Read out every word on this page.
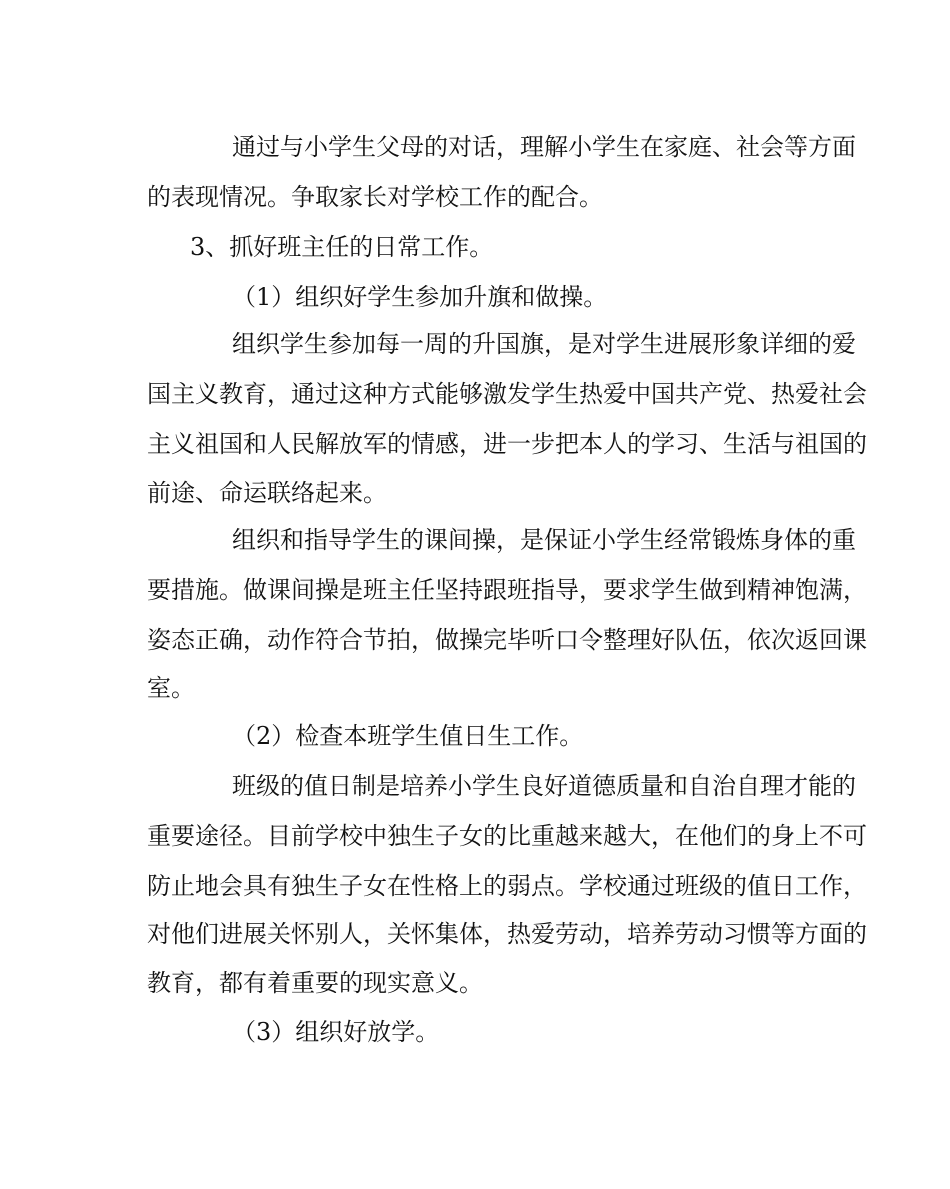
通过与小学生父母的对话，理解小学生在家庭、社会等方面
的表现情况。争取家长对学校工作的配合。
3、抓好班主任的日常工作。
（1）组织好学生参加升旗和做操。
组织学生参加每一周的升国旗，是对学生进展形象详细的爱
国主义教育，通过这种方式能够激发学生热爱中国共产党、热爱社会
主义祖国和人民解放军的情感，进一步把本人的学习、生活与祖国的
前途、命运联络起来。
组织和指导学生的课间操，是保证小学生经常锻炼身体的重
要措施。做课间操是班主任坚持跟班指导，要求学生做到精神饱满，
姿态正确，动作符合节拍，做操完毕听口令整理好队伍，依次返回课
室。
（2）检查本班学生值日生工作。
班级的值日制是培养小学生良好道德质量和自治自理才能的
重要途径。目前学校中独生子女的比重越来越大，在他们的身上不可
防止地会具有独生子女在性格上的弱点。学校通过班级的值日工作，
对他们进展关怀别人，关怀集体，热爱劳动，培养劳动习惯等方面的
教育，都有着重要的现实意义。
（3）组织好放学。
